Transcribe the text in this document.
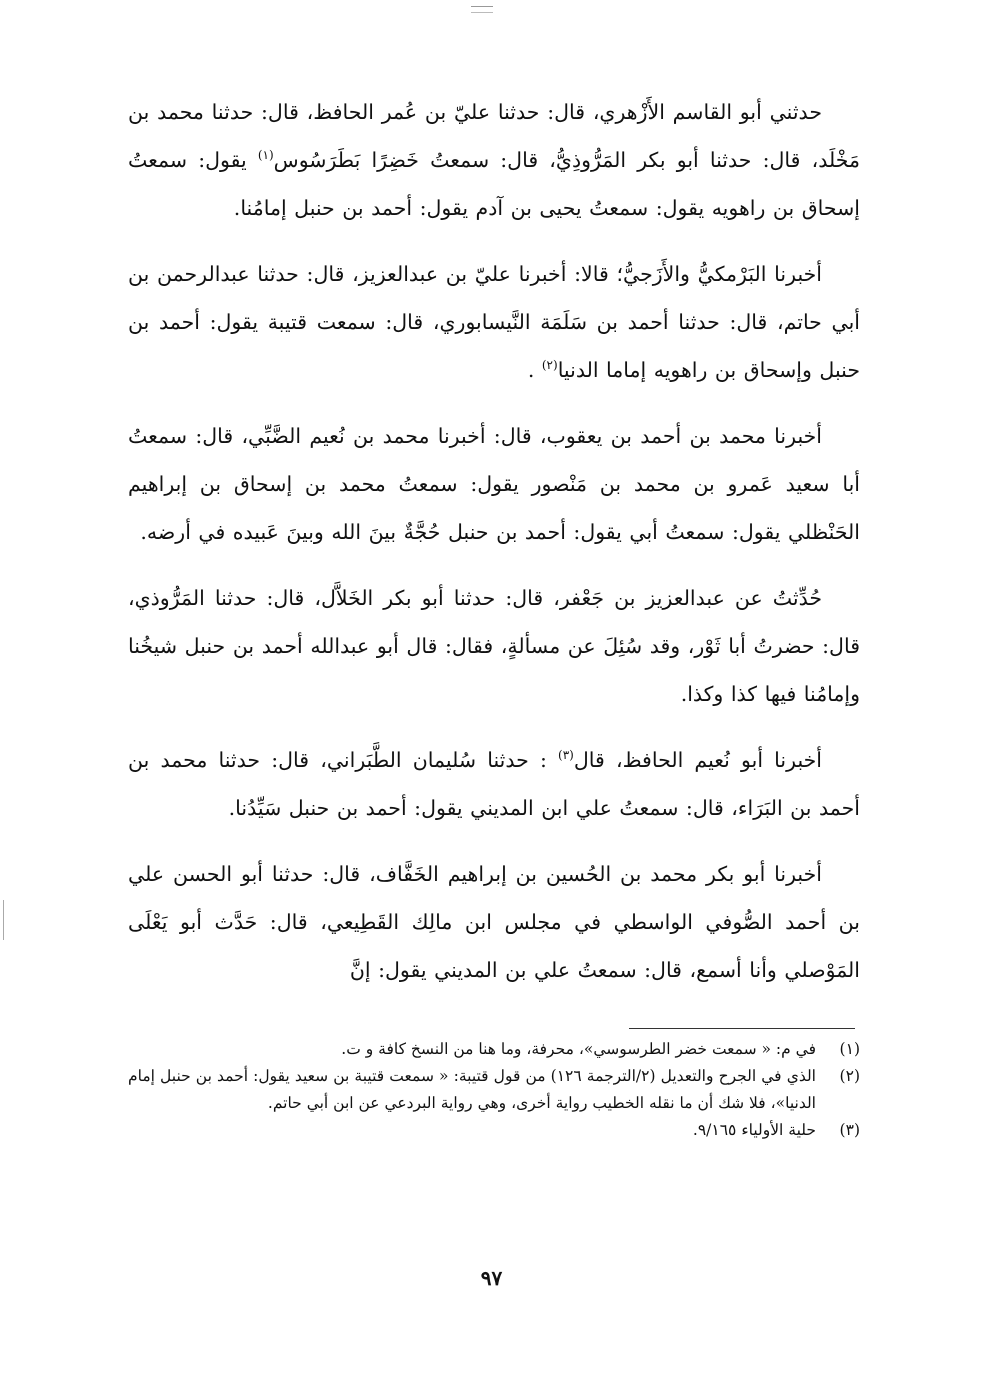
حدثني أبو القاسم الأَزْهري، قال: حدثنا عليّ بن عُمر الحافظ، قال: حدثنا محمد بن مَخْلَد، قال: حدثنا أبو بكر المَرُّوذِيُّ، قال: سمعتُ خَضِرًا بَطَرَسُوس$^{(١)}$ يقول: سمعتُ إسحاق بن راهويه يقول: سمعتُ يحيى بن آدم يقول: أحمد بن حنبل إمامُنا.

أخبرنا البَرْمكيُّ والأَزَجيُّ؛ قالا: أخبرنا عليّ بن عبدالعزيز، قال: حدثنا عبدالرحمن بن أبي حاتم، قال: حدثنا أحمد بن سَلَمَة النَّيسابوري، قال: سمعت قتيبة يقول: أحمد بن حنبل وإسحاق بن راهويه إماما الدنيا$^{(٢)}$ .

أخبرنا محمد بن أحمد بن يعقوب، قال: أخبرنا محمد بن نُعيم الضَّبِّي، قال: سمعتُ أبا سعيد عَمرو بن محمد بن مَنْصور يقول: سمعتُ محمد بن إسحاق بن إبراهيم الحَنْظلي يقول: سمعتُ أبي يقول: أحمد بن حنبل حُجَّةٌ بينَ الله وبينَ عَبيده في أرضه.

حُدِّثتُ عن عبدالعزيز بن جَعْفر، قال: حدثنا أبو بكر الخَلاَّل، قال: حدثنا المَرُّوذي، قال: حضرتُ أبا ثَوْر، وقد سُئِلَ عن مسألةٍ، فقال: قال أبو عبدالله أحمد بن حنبل شيخُنا وإمامُنا فيها كذا وكذا.

أخبرنا أبو نُعيم الحافظ، قال$^{(٣)}$ : حدثنا سُليمان الطَّبَراني، قال: حدثنا محمد بن أحمد بن البَرَاء، قال: سمعتُ علي ابن المديني يقول: أحمد بن حنبل سَيِّدُنا.

أخبرنا أبو بكر محمد بن الحُسين بن إبراهيم الخَفَّاف، قال: حدثنا أبو الحسن علي بن أحمد الصُّوفي الواسطي في مجلس ابن مالِك القَطِيعي، قال: حَدَّث أبو يَعْلَى المَوْصلي وأنا أسمع، قال: سمعتُ علي بن المديني يقول: إنَّ

(١)
في م: « سمعت خضر الطرسوسي»، محرفة، وما هنا من النسخ كافة و ت.
(٢)
الذي في الجرح والتعديل (٢/الترجمة ١٢٦) من قول قتيبة: « سمعت قتيبة بن سعيد يقول: أحمد بن حنبل إمام الدنيا»، فلا شك أن ما نقله الخطيب رواية أخرى، وهي رواية البردعي عن ابن أبي حاتم.
(٣)
حلية الأولياء ٩/١٦٥.
٩٧
